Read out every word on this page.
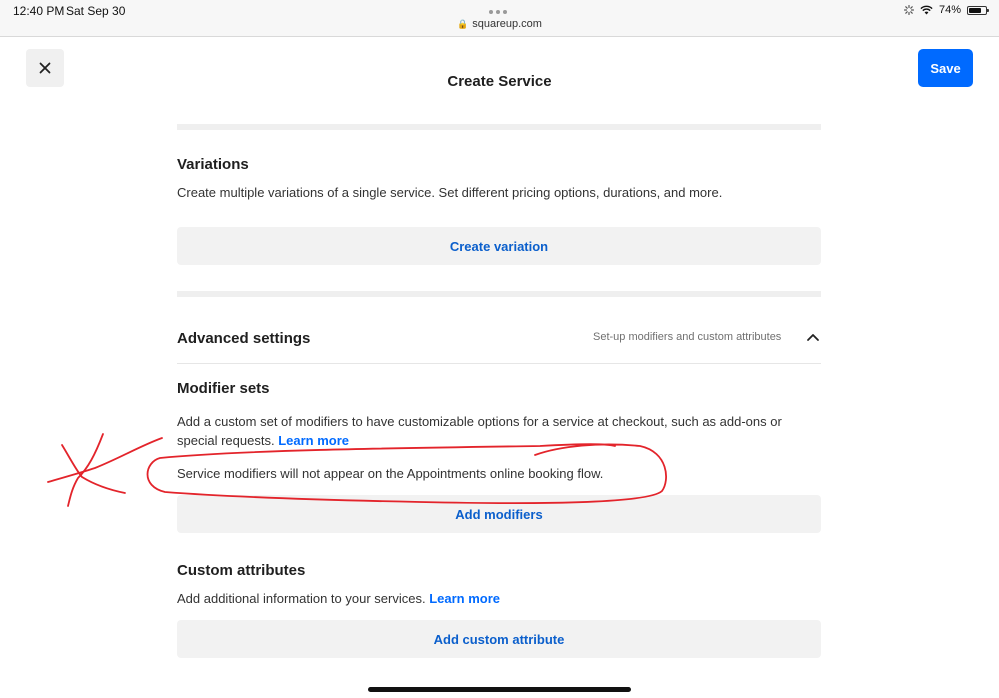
12:40 PM Sat Sep 30
🔒 squareup.com
74%
Create Service
Save
Variations
Create multiple variations of a single service. Set different pricing options, durations, and more.
Create variation
Advanced settings	Set-up modifiers and custom attributes
Modifier sets
Add a custom set of modifiers to have customizable options for a service at checkout, such as add-ons or special requests. Learn more
Service modifiers will not appear on the Appointments online booking flow.
Add modifiers
Custom attributes
Add additional information to your services. Learn more
Add custom attribute
